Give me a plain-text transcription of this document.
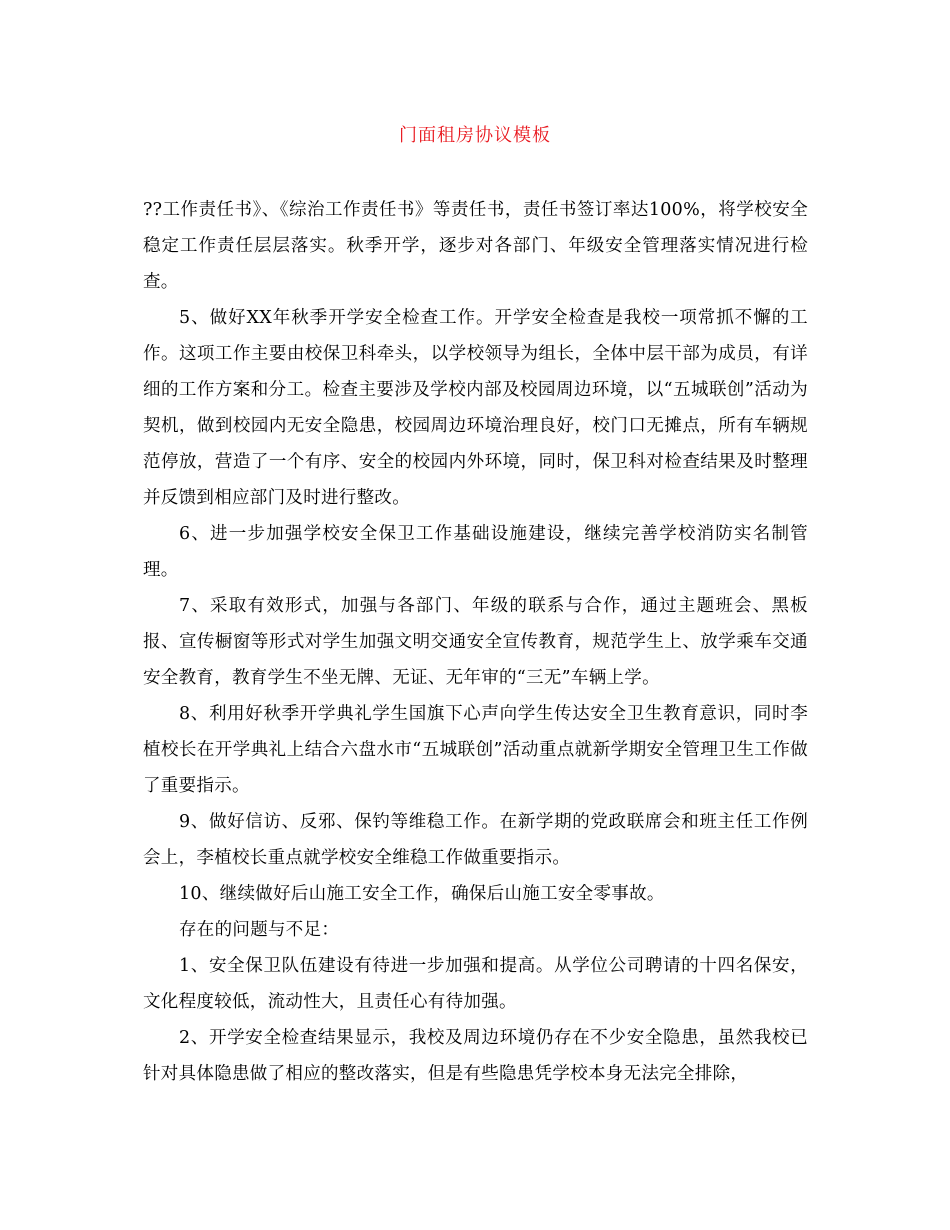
门面租房协议模板

??工作责任书》、《综治工作责任书》等责任书，责任书签订率达100%，将学校安全稳定工作责任层层落实。秋季开学，逐步对各部门、年级安全管理落实情况进行检查。

5、做好XX年秋季开学安全检查工作。开学安全检查是我校一项常抓不懈的工作。这项工作主要由校保卫科牵头，以学校领导为组长，全体中层干部为成员，有详细的工作方案和分工。检查主要涉及学校内部及校园周边环境，以“五城联创”活动为契机，做到校园内无安全隐患，校园周边环境治理良好，校门口无摊点，所有车辆规范停放，营造了一个有序、安全的校园内外环境，同时，保卫科对检查结果及时整理并反馈到相应部门及时进行整改。

6、进一步加强学校安全保卫工作基础设施建设，继续完善学校消防实名制管理。

7、采取有效形式，加强与各部门、年级的联系与合作，通过主题班会、黑板报、宣传橱窗等形式对学生加强文明交通安全宣传教育，规范学生上、放学乘车交通安全教育，教育学生不坐无牌、无证、无年审的“三无”车辆上学。

8、利用好秋季开学典礼学生国旗下心声向学生传达安全卫生教育意识，同时李植校长在开学典礼上结合六盘水市“五城联创”活动重点就新学期安全管理卫生工作做了重要指示。

9、做好信访、反邪、保钓等维稳工作。在新学期的党政联席会和班主任工作例会上，李植校长重点就学校安全维稳工作做重要指示。

10、继续做好后山施工安全工作，确保后山施工安全零事故。

存在的问题与不足：

1、安全保卫队伍建设有待进一步加强和提高。从学位公司聘请的十四名保安，文化程度较低，流动性大，且责任心有待加强。

2、开学安全检查结果显示，我校及周边环境仍存在不少安全隐患，虽然我校已针对具体隐患做了相应的整改落实，但是有些隐患凭学校本身无法完全排除，
